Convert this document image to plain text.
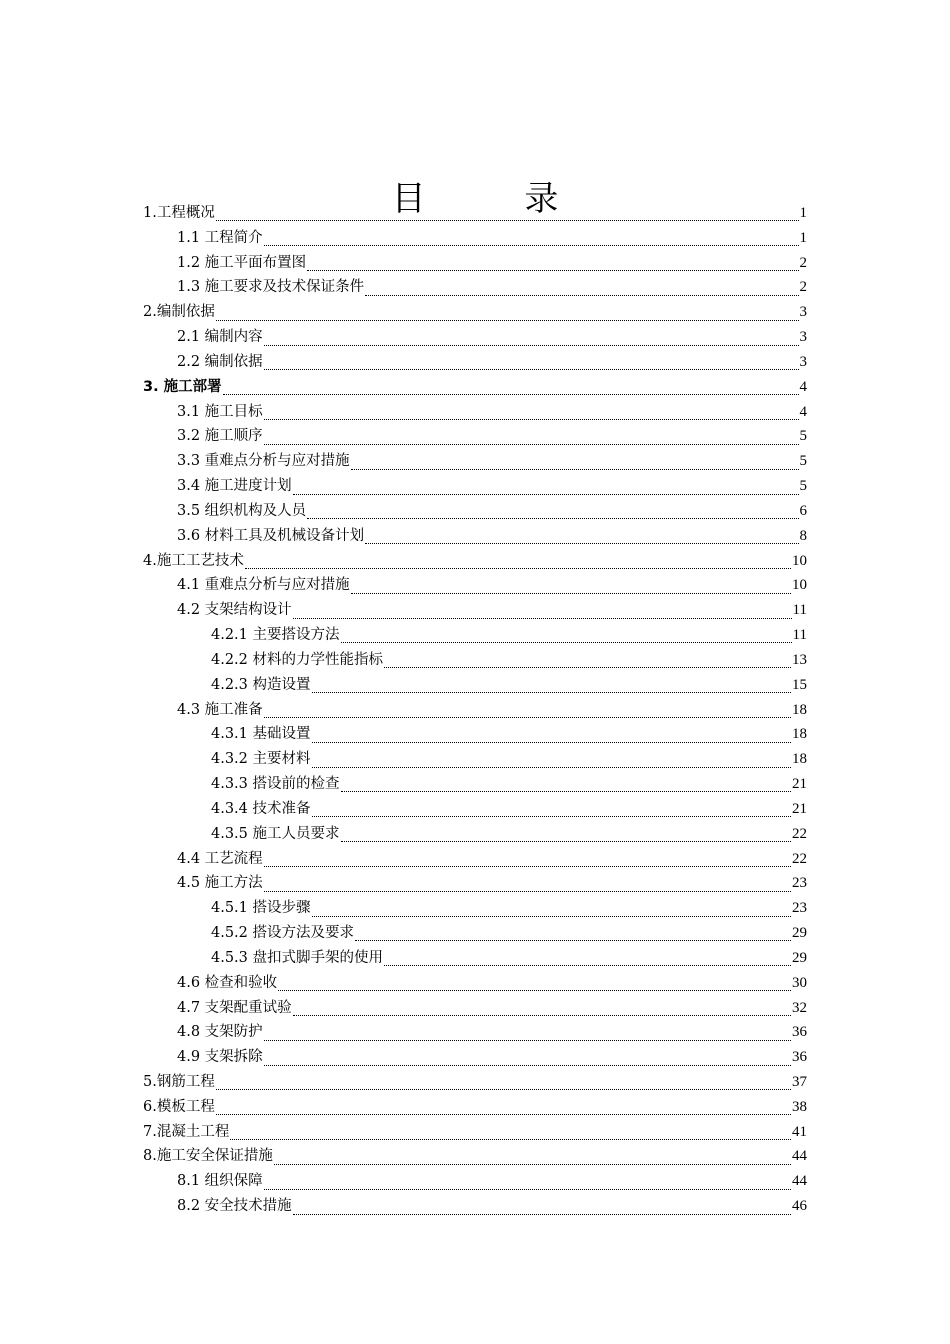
目 录
1.工程概况	1
1.1 工程简介	1
1.2 施工平面布置图	2
1.3 施工要求及技术保证条件	2
2.编制依据	3
2.1 编制内容	3
2.2 编制依据	3
3. 施工部署	4
3.1 施工目标	4
3.2 施工顺序	5
3.3 重难点分析与应对措施	5
3.4 施工进度计划	5
3.5 组织机构及人员	6
3.6 材料工具及机械设备计划	8
4.施工工艺技术	10
4.1 重难点分析与应对措施	10
4.2 支架结构设计	11
4.2.1 主要搭设方法	11
4.2.2 材料的力学性能指标	13
4.2.3 构造设置	15
4.3 施工准备	18
4.3.1 基础设置	18
4.3.2 主要材料	18
4.3.3 搭设前的检查	21
4.3.4 技术准备	21
4.3.5 施工人员要求	22
4.4 工艺流程	22
4.5 施工方法	23
4.5.1 搭设步骤	23
4.5.2 搭设方法及要求	29
4.5.3 盘扣式脚手架的使用	29
4.6 检查和验收	30
4.7 支架配重试验	32
4.8 支架防护	36
4.9 支架拆除	36
5.钢筋工程	37
6.模板工程	38
7.混凝土工程	41
8.施工安全保证措施	44
8.1 组织保障	44
8.2 安全技术措施	46
